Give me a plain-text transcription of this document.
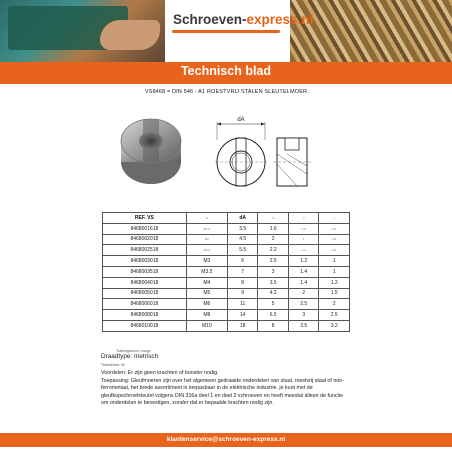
Schroeven-express.nl
Technisch blad
VS8468 = DIN 546 - A1 ROESTVRIJ STALEN SLEUTELMOER
dA
REF. VS	D	dA	m	n	t
8468001618	M1.6	3.5	1.6	0.5	0.6
8468002018	M2	4.5	2	1	0.8
8468002518	M2.5	5.5	2.2	1.2	0.9
8468003018	M3	6	2.5	1.2	1
8468003518	M3.5	7	3	1.4	1
8468004018	M4	8	3.5	1.4	1.2
8468005018	M5	9	4.2	2	1.5
8468006018	M6	11	5	2.5	2
8468008018	M8	14	6.5	3	2.5
8468010018	M10	18	8	3.5	3.2
Trainingsvorm: Lange
Draadtype: metrisch
Treksterkte: 50
Voordelen: Er zijn geen krachten of booster nodig.
Toepassing: Gleufmoeren zijn over het algemeen gedraaide onderdelen van staal, roestvrij staal of non-ferrometaal, het brede assortiment is toepasbaar in de elektrische industrie. je kunt met de gleufkopschroefsleutel volgens DIN 316a deel 1 en deel 2 schroeven en heeft meestal alleen de functie om onderdelen te bevestigen, zonder dat er bepaalde krachten nodig zijn.
klantenservice@schroeven-express.nl
